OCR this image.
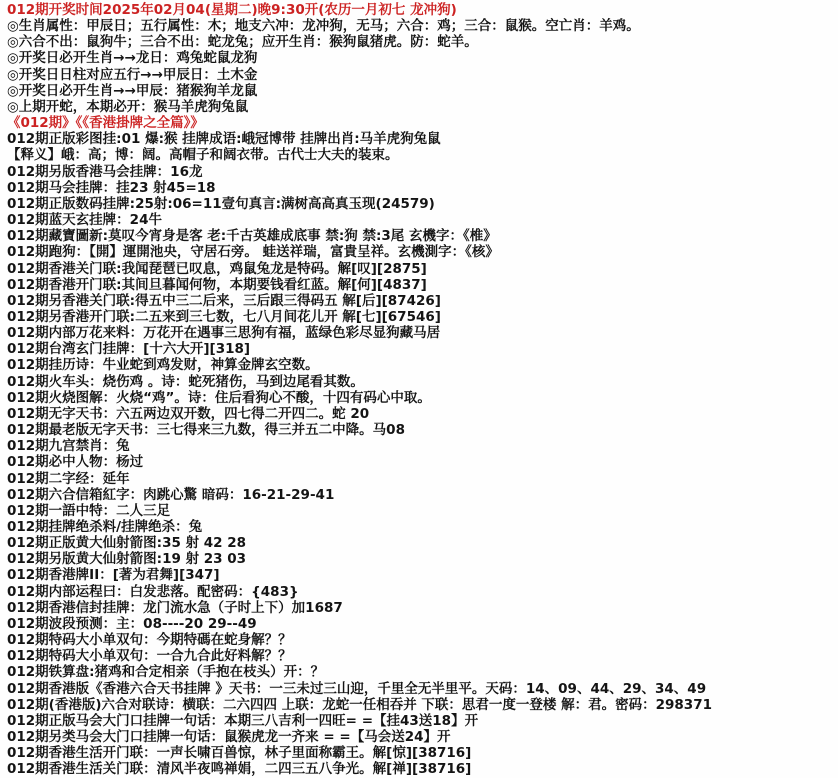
012期开奖时间2025年02月04(星期二)晚9:30开(农历一月初七 龙冲狗)
◎生肖属性：甲辰日；五行属性：木；地支六冲：龙冲狗，无马；六合：鸡；三合：鼠猴。空亡肖：羊鸡。
◎六合不出：鼠狗牛；三合不出：蛇龙兔；应开生肖：猴狗鼠猪虎。防：蛇羊。
◎开奖日必开生肖→→龙日：鸡兔蛇鼠龙狗
◎开奖日日柱对应五行→→甲辰日：土木金
◎开奖日必开生肖→→甲辰：猪猴狗羊龙鼠
◎上期开蛇，本期必开：猴马羊虎狗兔鼠
《012期》《《香港掛牌之全篇》》
012期正版彩图挂:01 爆:猴 挂牌成语:峨冠博带 挂牌出肖:马羊虎狗兔鼠
【释义】峨：高；博：阔。高帽子和阔衣带。古代士大夫的装束。
012期另版香港马会挂牌：16龙
012期马会挂牌：挂23 射45=18
012期正版数码挂牌:25射:06=11壹句真言:满树高高真玉现(24579)
012期蓝天玄挂牌：24牛
012期藏寶圖新:莫叹今宵身是客 老:千古英雄成底事 禁:狗 禁:3尾 玄機字：《椎》
012期跑狗：【開】運開池央，守居石旁。 蛙送祥瑞，富貴呈祥。玄機測字：《核》
012期香港关门联:我闻琵琶已叹息，鸡鼠兔龙是特码。解[叹][2875]
012期香港开门联:其间旦暮闻何物，本期要钱看红蓝。解[何][4837]
012期另香港关门联:得五中三二后来，三后跟三得码五 解[后][87426]
012期另香港开门联:二五来到三七数，七八月间花儿开 解[七][67546]
012期内部万花来料：万花开在遇事三思狗有福，蓝绿色彩尽显狗藏马居
012期台湾玄门挂牌：[十六大开][318]
012期挂历诗：牛业蛇到鸡发财，神算金牌玄空数。
012期火车头：烧伤鸡 。诗：蛇死猪伤，马到边尾看其数。
012期火烧图解：火烧“鸡”。诗：住后看狗心不酸，十四有码心中取。
012期无字天书：六五两边双开数，四七得二开四二。蛇 20
012期最老版无字天书：三七得来三九数，得三并五二中降。马08
012期九宫禁肖：兔
012期必中人物：杨过
012期二字经：延年
012期六合信箱紅字：肉跳心驚 暗码：16-21-29-41
012期一語中特：二人三足
012期挂牌绝杀料/挂牌绝杀：兔
012期正版黄大仙射箭图:35 射 42 28
012期另版黄大仙射箭图:19 射 23 03
012期香港牌II：[著为君舞][347]
012期内部运程曰：白发悲落。配密码：{483}
012期香港信封挂牌：龙门流水急（子时上下）加1687
012期波段预测：主：08----20 29--49
012期特码大小单双句：今期特碼在蛇身解？？
012期特码大小单双句：一合九合此好料解？？
012期铁算盘:猪鸡和合定相亲（手抱在枝头）开：？
012期香港版《香港六合天书挂牌 》天书：一三未过三山迎，千里全无半里平。天码：14、09、44、29、34、49
012期(香港版)六合对联诗：横联：二六四四 上联：龙蛇一任相吞并 下联：思君一度一登楼 解：君。密码：298371
012期正版马会大门口挂牌一句话：本期三八吉利一四旺= =【挂43送18】开
012期另类马会大门口挂牌一句话：鼠猴虎龙一齐来 = =【马会送24】开
012期香港生活开门联：一声长啸百兽惊，林子里面称霸王。解[惊][38716]
012期香港生活关门联：清风半夜鸣禅娟，二四三五八争光。解[禅][38716]
